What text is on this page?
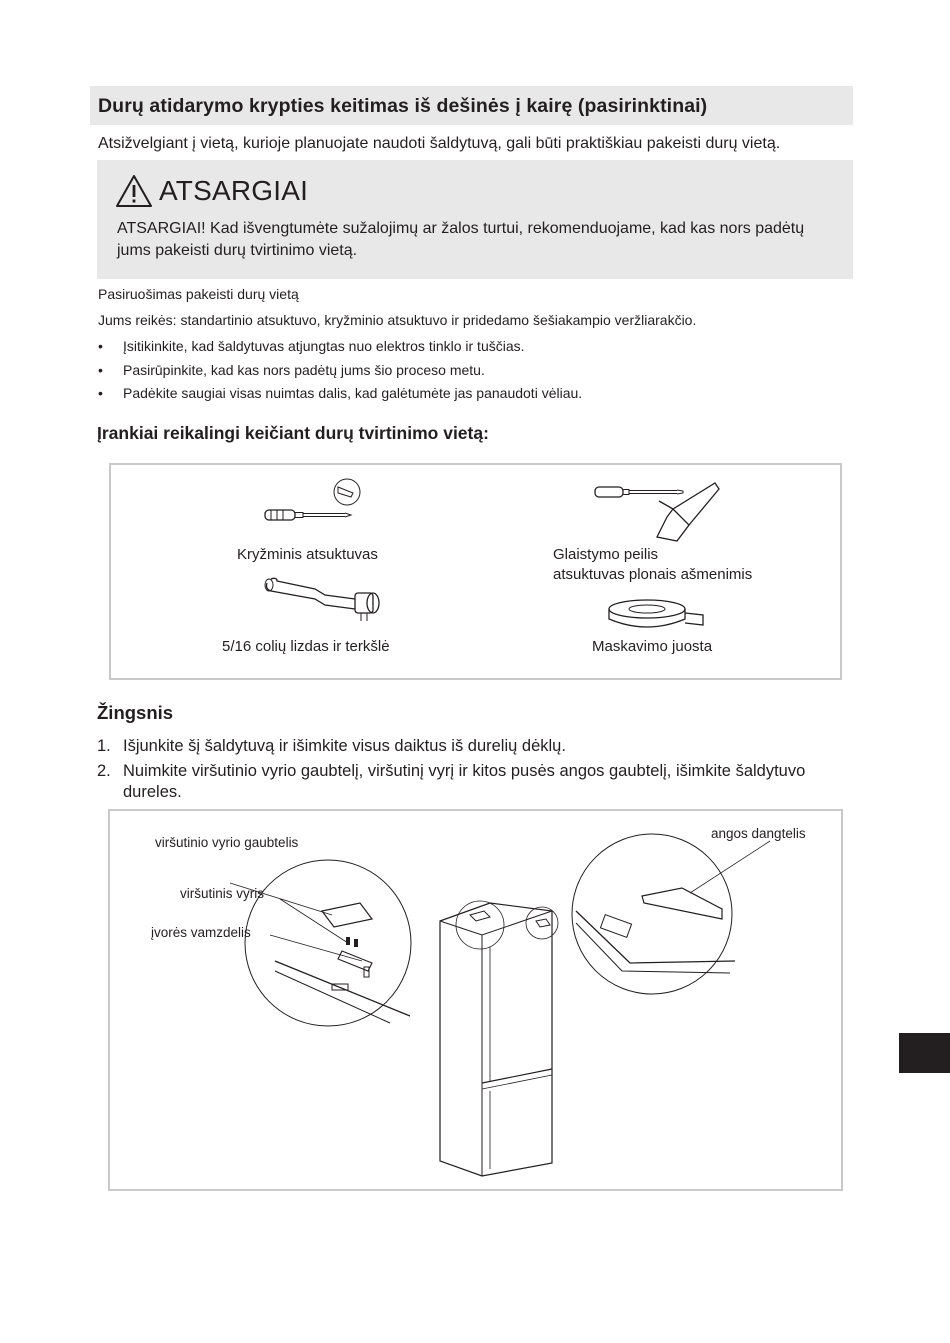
Durų atidarymo krypties keitimas iš dešinės į kairę (pasirinktinai)

Atsižvelgiant į vietą, kurioje planuojate naudoti šaldytuvą, gali būti praktiškiau pakeisti durų vietą.

ATSARGIAI

ATSARGIAI! Kad išvengtumėte sužalojimų ar žalos turtui, rekomenduojame, kad kas nors padėtų jums pakeisti durų tvirtinimo vietą.

Pasiruošimas pakeisti durų vietą

Jums reikės: standartinio atsuktuvo, kryžminio atsuktuvo ir pridedamo šešiakampio veržliarakčio.

•	Įsitikinkite, kad šaldytuvas atjungtas nuo elektros tinklo ir tuščias.
•	Pasirūpinkite, kad kas nors padėtų jums šio proceso metu.
•	Padėkite saugiai visas nuimtas dalis, kad galėtumėte jas panaudoti vėliau.
Įrankiai reikalingi keičiant durų tvirtinimo vietą:
Kryžminis atsuktuvas	Glaistymo peilis
atsuktuvas plonais ašmenimis
5/16 colių lizdas ir terkšlė	Maskavimo juosta
Žingsnis
1. Išjunkite šį šaldytuvą ir išimkite visus daiktus iš durelių dėklų.
2. Nuimkite viršutinio vyrio gaubtelį, viršutinį vyrį ir kitos pusės angos gaubtelį, išimkite šaldytuvo dureles.
viršutinio vyrio gaubtelis
viršutinis vyris
įvorės vamzdelis
angos dangtelis
